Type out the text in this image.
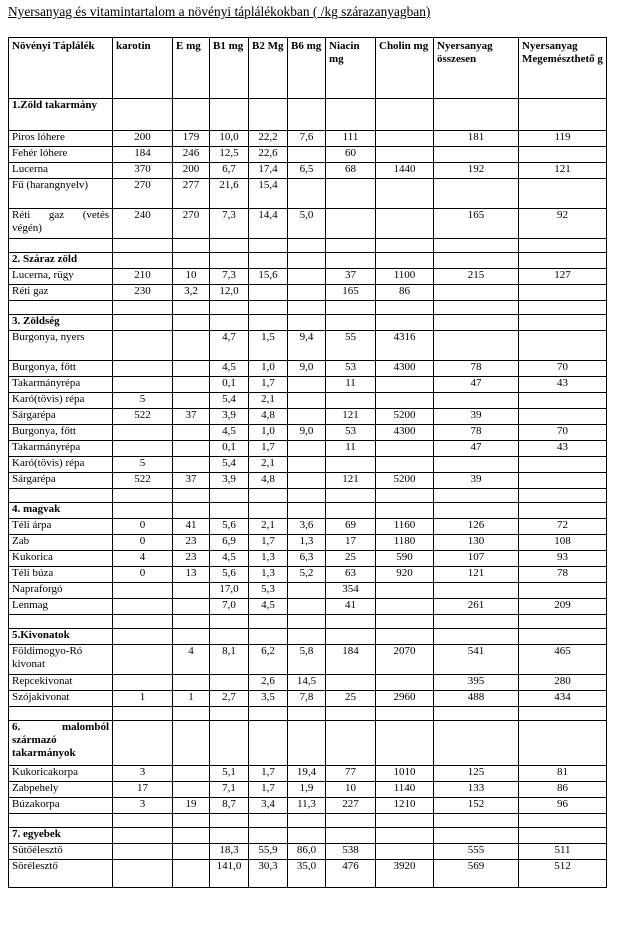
Nyersanyag és vitamintartalom a növényi táplálékokban ( /kg szárazanyagban)
Növényi Táplálék	karotin	E mg	B1 mg	B2 Mg	B6 mg	Niacin mg	Cholin mg	Nyersanyag összesen	Nyersanyag Megemészthető g
1.Zöld takarmány									
Piros lóhere	200	179	10,0	22,2	7,6	111		181	119
Fehér lóhere	184	246	12,5	22,6		60			
Lucerna	370	200	6,7	17,4	6,5	68	1440	192	121
Fű (harangnyelv)	270	277	21,6	15,4					
Réti gaz (vetés végén)	240	270	7,3	14,4	5,0			165	92

2. Száraz zöld									
Lucerna, rügy	210	10	7,3	15,6		37	1100	215	127
Réti gaz	230	3,2	12,0			165	86		

3. Zöldség									
Burgonya, nyers			4,7	1,5	9,4	55	4316		
Burgonya, főtt			4,5	1,0	9,0	53	4300	78	70
Takarmányrépa			0,1	1,7		11		47	43
Karó(tövis) répa	5		5,4	2,1					
Sárgarépa	522	37	3,9	4,8		121	5200	39	
Burgonya, főtt			4,5	1,0	9,0	53	4300	78	70
Takarmányrépa			0,1	1,7		11		47	43
Karó(tövis) répa	5		5,4	2,1					
Sárgarépa	522	37	3,9	4,8		121	5200	39	

4. magvak									
Téli árpa	0	41	5,6	2,1	3,6	69	1160	126	72
Zab	0	23	6,9	1,7	1,3	17	1180	130	108
Kukorica	4	23	4,5	1,3	6,3	25	590	107	93
Téli búza	0	13	5,6	1,3	5,2	63	920	121	78
Napraforgó			17,0	5,3		354			
Lenmag			7,0	4,5		41		261	209

5.Kivonatok									
Földimogyo-Ró kivonat		4	8,1	6,2	5,8	184	2070	541	465
Repcekivonat				2,6	14,5			395	280
Szójakivonat	1	1	2,7	3,5	7,8	25	2960	488	434

6. malomból származó takarmányok									
Kukoricakorpa	3		5,1	1,7	19,4	77	1010	125	81
Zabpehely	17		7,1	1,7	1,9	10	1140	133	86
Búzakorpa	3	19	8,7	3,4	11,3	227	1210	152	96

7. egyebek									
Sütőélesztő			18,3	55,9	86,0	538		555	511
Sörélesztő			141,0	30,3	35,0	476	3920	569	512
